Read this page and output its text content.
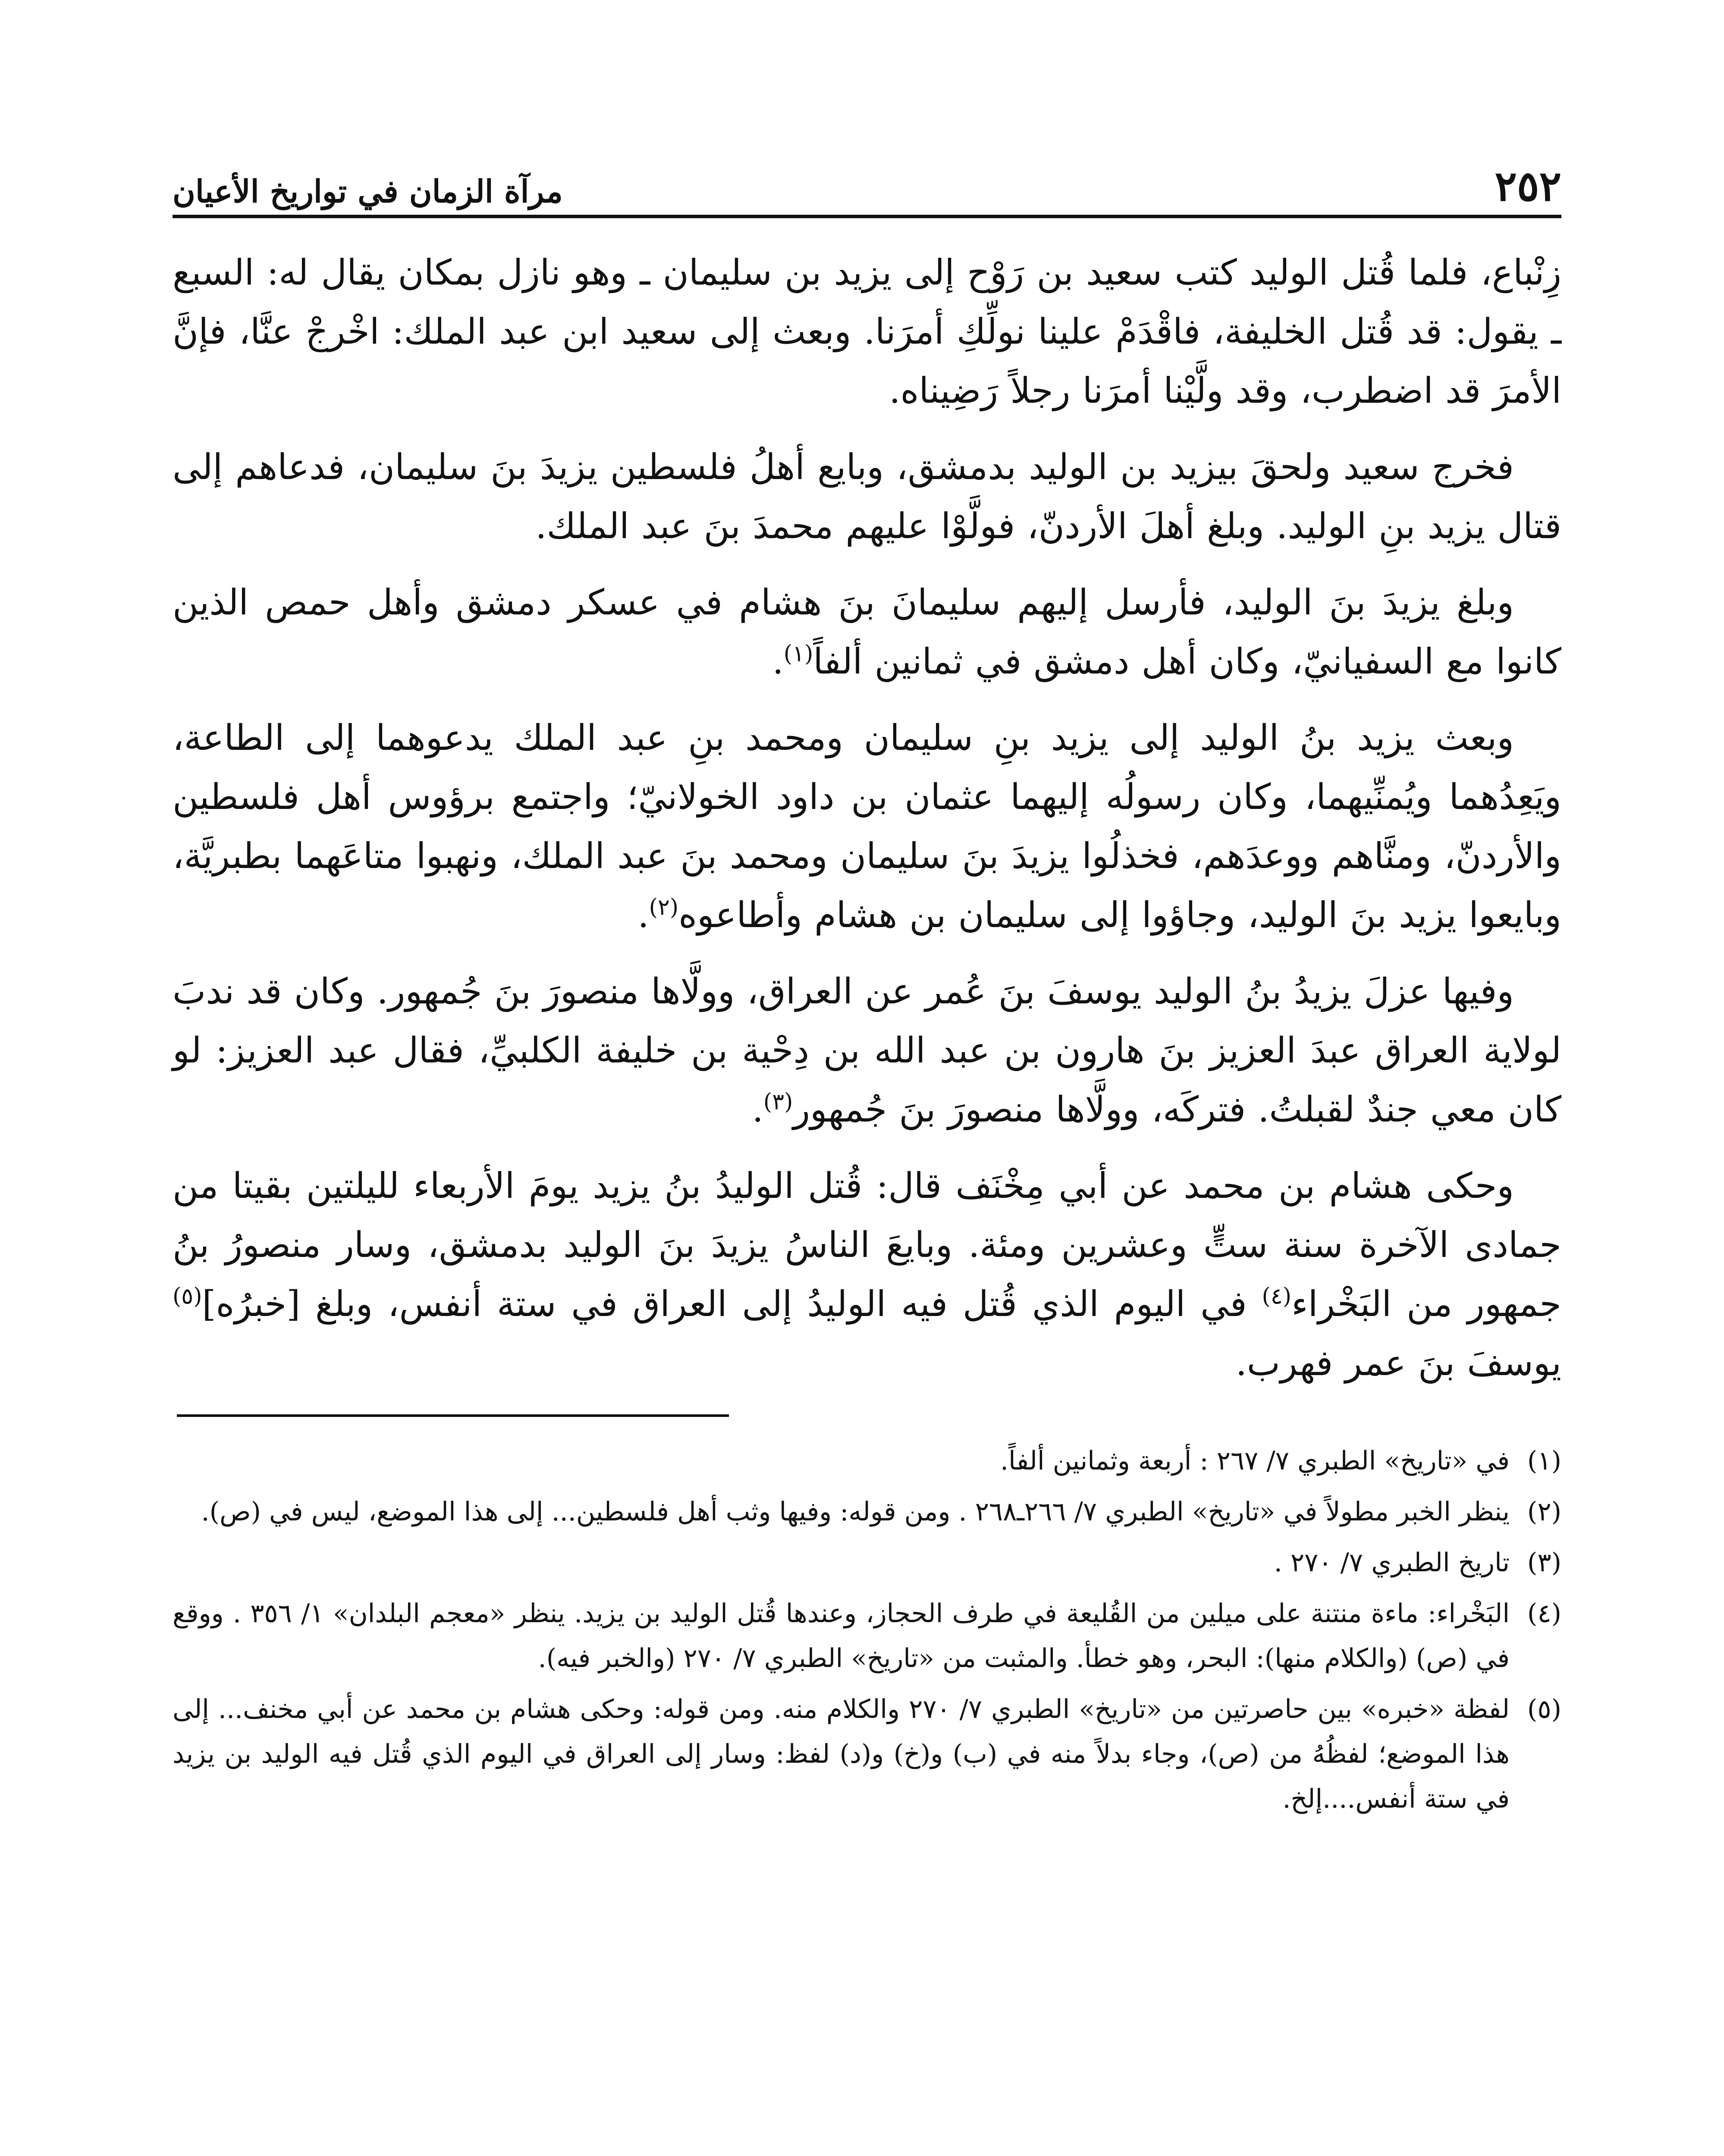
٢٥٢
مرآة الزمان في تواريخ الأعيان

زِنْباع، فلما قُتل الوليد كتب سعيد بن رَوْح إلى يزيد بن سليمان ـ وهو نازل بمكان يقال له: السبع ـ يقول: قد قُتل الخليفة، فاقْدَمْ علينا نولِّكِ أمرَنا. وبعث إلى سعيد ابن عبد الملك: اخْرجْ عنَّا، فإنَّ الأمرَ قد اضطرب، وقد ولَّيْنا أمرَنا رجلاً رَضِيناه.

فخرج سعيد ولحقَ بيزيد بن الوليد بدمشق، وبايع أهلُ فلسطين يزيدَ بنَ سليمان، فدعاهم إلى قتال يزيد بنِ الوليد. وبلغ أهلَ الأردنّ، فولَّوْا عليهم محمدَ بنَ عبد الملك.

وبلغ يزيدَ بنَ الوليد، فأرسل إليهم سليمانَ بنَ هشام في عسكر دمشق وأهل حمص الذين كانوا مع السفيانيّ، وكان أهل دمشق في ثمانين ألفاً$^{(١)}$.

وبعث يزيد بنُ الوليد إلى يزيد بنِ سليمان ومحمد بنِ عبد الملك يدعوهما إلى الطاعة، ويَعِدُهما ويُمنِّيهما، وكان رسولُه إليهما عثمان بن داود الخولانيّ؛ واجتمع برؤوس أهل فلسطين والأردنّ، ومنَّاهم ووعدَهم، فخذلُوا يزيدَ بنَ سليمان ومحمد بنَ عبد الملك، ونهبوا متاعَهما بطبريَّة، وبايعوا يزيد بنَ الوليد، وجاؤوا إلى سليمان بن هشام وأطاعوه$^{(٢)}$.

وفيها عزلَ يزيدُ بنُ الوليد يوسفَ بنَ عُمر عن العراق، وولَّاها منصورَ بنَ جُمهور. وكان قد ندبَ لولاية العراق عبدَ العزيز بنَ هارون بن عبد الله بن دِحْية بن خليفة الكلبيِّ، فقال عبد العزيز: لو كان معي جندٌ لقبلتُ. فتركَه، وولَّاها منصورَ بنَ جُمهور$^{(٣)}$.

وحكى هشام بن محمد عن أبي مِخْنَف قال: قُتل الوليدُ بنُ يزيد يومَ الأربعاء لليلتين بقيتا من جمادى الآخرة سنة ستٍّ وعشرين ومئة. وبايعَ الناسُ يزيدَ بنَ الوليد بدمشق، وسار منصورُ بنُ جمهور من البَخْراء$^{(٤)}$ في اليوم الذي قُتل فيه الوليدُ إلى العراق في ستة أنفس، وبلغ [خبرُه]$^{(٥)}$ يوسفَ بنَ عمر فهرب.

(١)
في «تاريخ» الطبري ٧/ ٢٦٧ : أربعة وثمانين ألفاً.
(٢)
ينظر الخبر مطولاً في «تاريخ» الطبري ٧/ ٢٦٦ـ٢٦٨ . ومن قوله: وفيها وثب أهل فلسطين... إلى هذا الموضع، ليس في (ص).
(٣)
تاريخ الطبري ٧/ ٢٧٠ .
(٤)
البَخْراء: ماءة منتنة على ميلين من القُليعة في طرف الحجاز، وعندها قُتل الوليد بن يزيد. ينظر «معجم البلدان» ١/ ٣٥٦ . ووقع في (ص) (والكلام منها): البحر، وهو خطأ. والمثبت من «تاريخ» الطبري ٧/ ٢٧٠ (والخبر فيه).
(٥)
لفظة «خبره» بين حاصرتين من «تاريخ» الطبري ٧/ ٢٧٠ والكلام منه. ومن قوله: وحكى هشام بن محمد عن أبي مخنف... إلى هذا الموضع؛ لفظُهُ من (ص)، وجاء بدلاً منه في (ب) و(خ) و(د) لفظ: وسار إلى العراق في اليوم الذي قُتل فيه الوليد بن يزيد في ستة أنفس....إلخ.
